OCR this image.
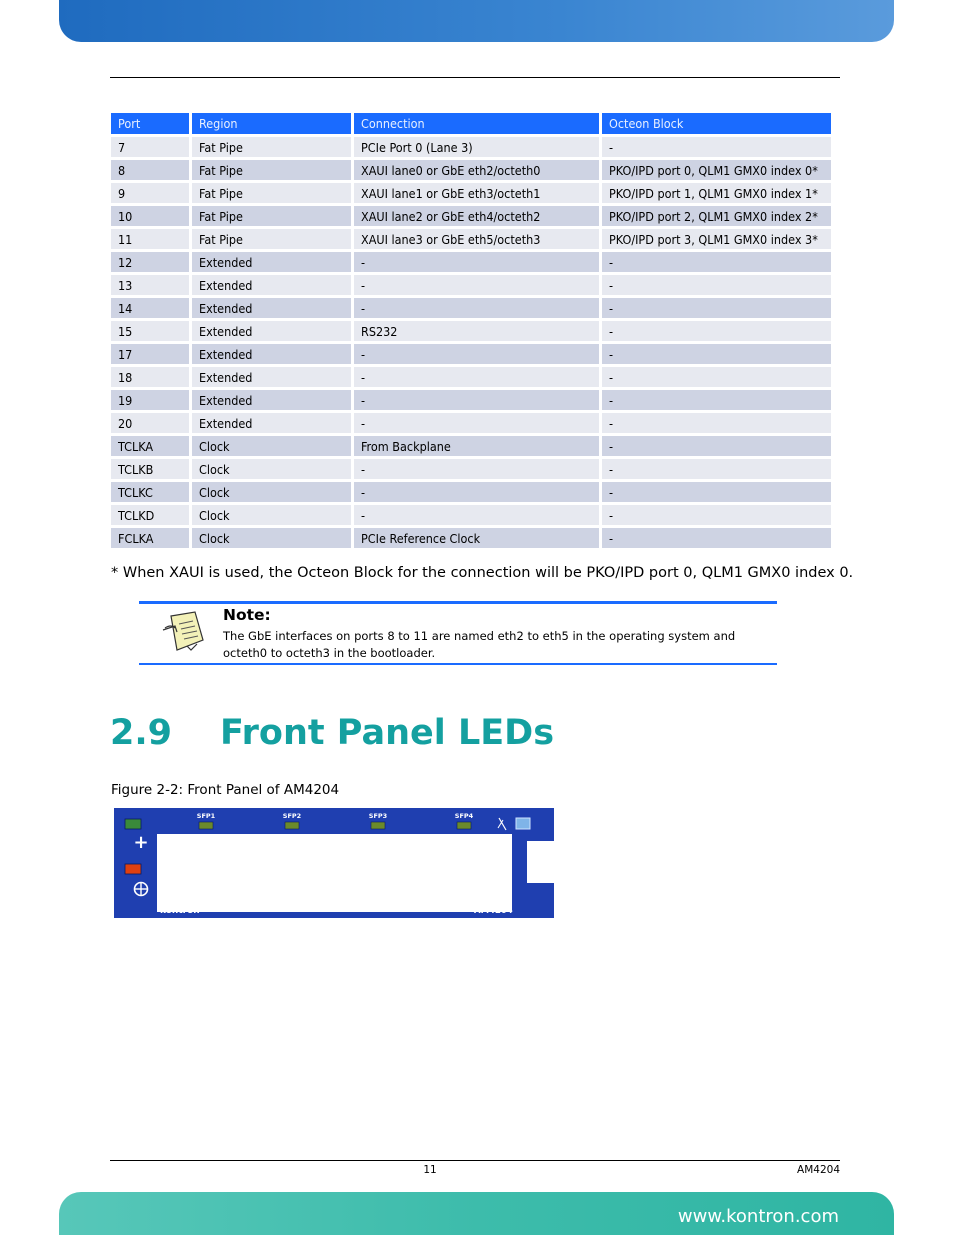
Port	Region	Connection	Octeon Block
7	Fat Pipe	PCIe Port 0 (Lane 3)	-
8	Fat Pipe	XAUI lane0 or GbE eth2/octeth0	PKO/IPD port 0, QLM1 GMX0 index 0*
9	Fat Pipe	XAUI lane1 or GbE eth3/octeth1	PKO/IPD port 1, QLM1 GMX0 index 1*
10	Fat Pipe	XAUI lane2 or GbE eth4/octeth2	PKO/IPD port 2, QLM1 GMX0 index 2*
11	Fat Pipe	XAUI lane3 or GbE eth5/octeth3	PKO/IPD port 3, QLM1 GMX0 index 3*
12	Extended	-	-
13	Extended	-	-
14	Extended	-	-
15	Extended	RS232	-
17	Extended	-	-
18	Extended	-	-
19	Extended	-	-
20	Extended	-	-
TCLKA	Clock	From Backplane	-
TCLKB	Clock	-	-
TCLKC	Clock	-	-
TCLKD	Clock	-	-
FCLKA	Clock	PCIe Reference Clock	-
* When XAUI is used, the Octeon Block for the connection will be PKO/IPD port 0, QLM1 GMX0 index 0.
Note:
The GbE interfaces on ports 8 to 11 are named eth2 to eth5 in the operating system and octeth0 to octeth3 in the bootloader.
2.9 Front Panel LEDs
Figure 2-2: Front Panel of AM4204
+
SFP1	SFP2	SFP3	SFP4
kontron	AM4204
11	AM4204
www.kontron.com
